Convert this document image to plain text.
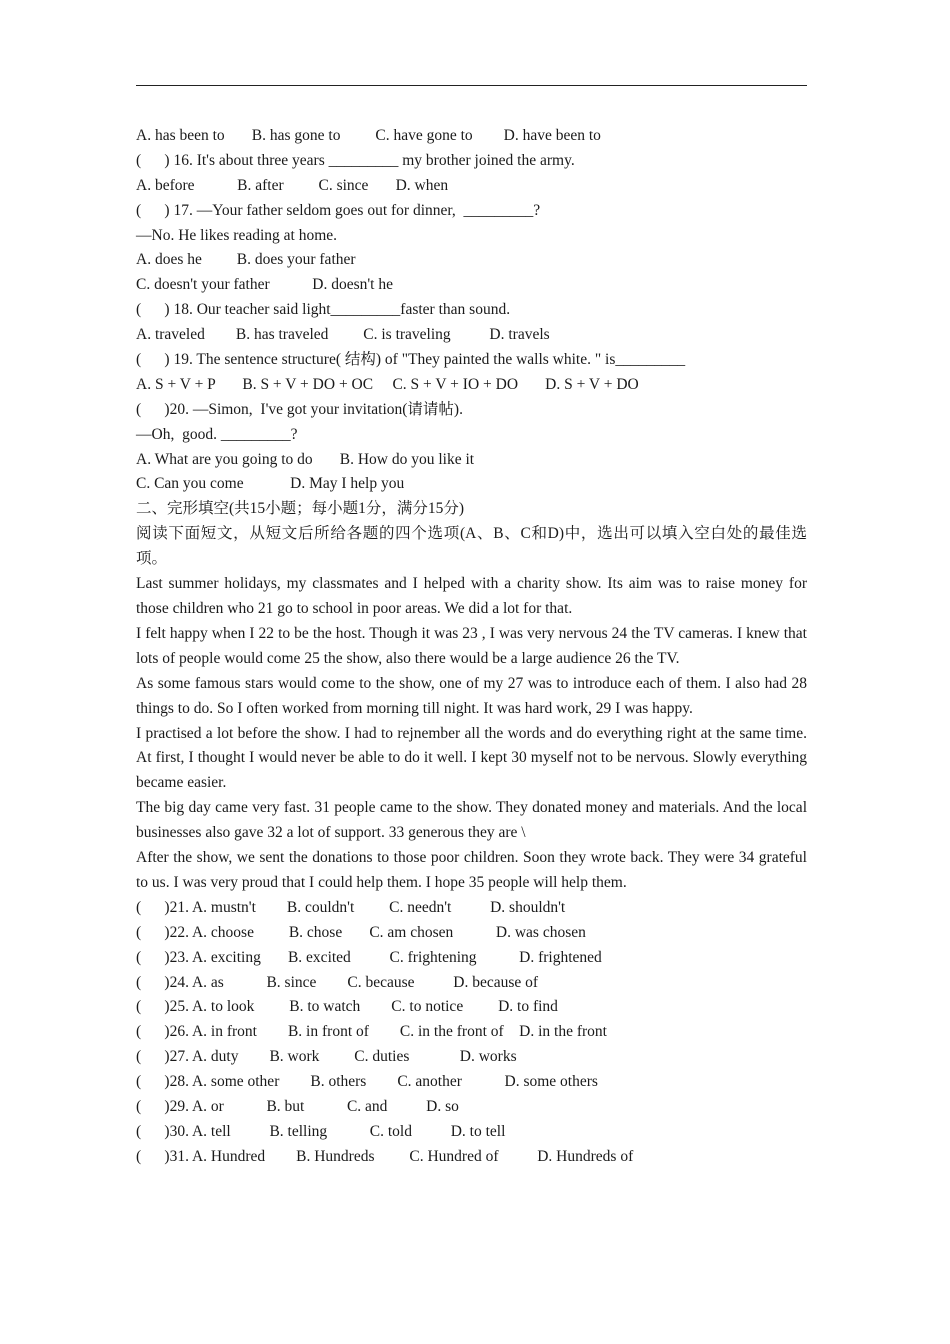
A. has been to       B. has gone to         C. have gone to        D. have been to
(      ) 16. It's about three years _________ my brother joined the army.
A. before           B. after         C. since       D. when
(      ) 17. —Your father seldom goes out for dinner,  _________?
—No. He likes reading at home.
A. does he         B. does your father
C. doesn't your father           D. doesn't he
(      ) 18. Our teacher said light_________faster than sound.
A. traveled        B. has traveled         C. is traveling          D. travels
(      ) 19. The sentence structure( 结构) of "They painted the walls white. " is_________
A. S + V + P       B. S + V + DO + OC     C. S + V + IO + DO       D. S + V + DO
(      )20. —Simon,  I've got your invitation(请请帖).
—Oh,  good. _________?
A. What are you going to do       B. How do you like it
C. Can you come            D. May I help you
二、完形填空(共15小题；每小题1分，满分15分)
阅读下面短文，从短文后所给各题的四个选项(A、B、C和D)中，选出可以填入空白处的最佳选项。
Last summer holidays, my classmates and I helped with a charity show. Its aim was to raise money for those children who 21 go to school in poor areas. We did a lot for that.
I felt happy when I 22 to be the host. Though it was 23 , I was very nervous 24 the TV cameras. I knew that lots of people would come 25 the show, also there would be a large audience 26 the TV.
As some famous stars would come to the show, one of my 27 was to introduce each of them. I also had 28 things to do. So I often worked from morning till night. It was hard work, 29 I was happy.
I practised a lot before the show. I had to rejnember all the words and do everything right at the same time. At first, I thought I would never be able to do it well. I kept 30 myself not to be nervous. Slowly everything became easier.
The big day came very fast. 31 people came to the show. They donated money and materials. And the local businesses also gave 32 a lot of support. 33 generous they are \
After the show, we sent the donations to those poor children. Soon they wrote back. They were 34 grateful to us. I was very proud that I could help them. I hope 35 people will help them.
(      )21. A. mustn't        B. couldn't         C. needn't          D. shouldn't
(      )22. A. choose         B. chose       C. am chosen           D. was chosen
(      )23. A. exciting       B. excited          C. frightening           D. frightened
(      )24. A. as           B. since        C. because          D. because of
(      )25. A. to look         B. to watch        C. to notice         D. to find
(      )26. A. in front        B. in front of        C. in the front of    D. in the front
(      )27. A. duty        B. work         C. duties             D. works
(      )28. A. some other        B. others        C. another           D. some others
(      )29. A. or           B. but           C. and          D. so
(      )30. A. tell          B. telling           C. told          D. to tell
(      )31. A. Hundred        B. Hundreds         C. Hundred of          D. Hundreds of
